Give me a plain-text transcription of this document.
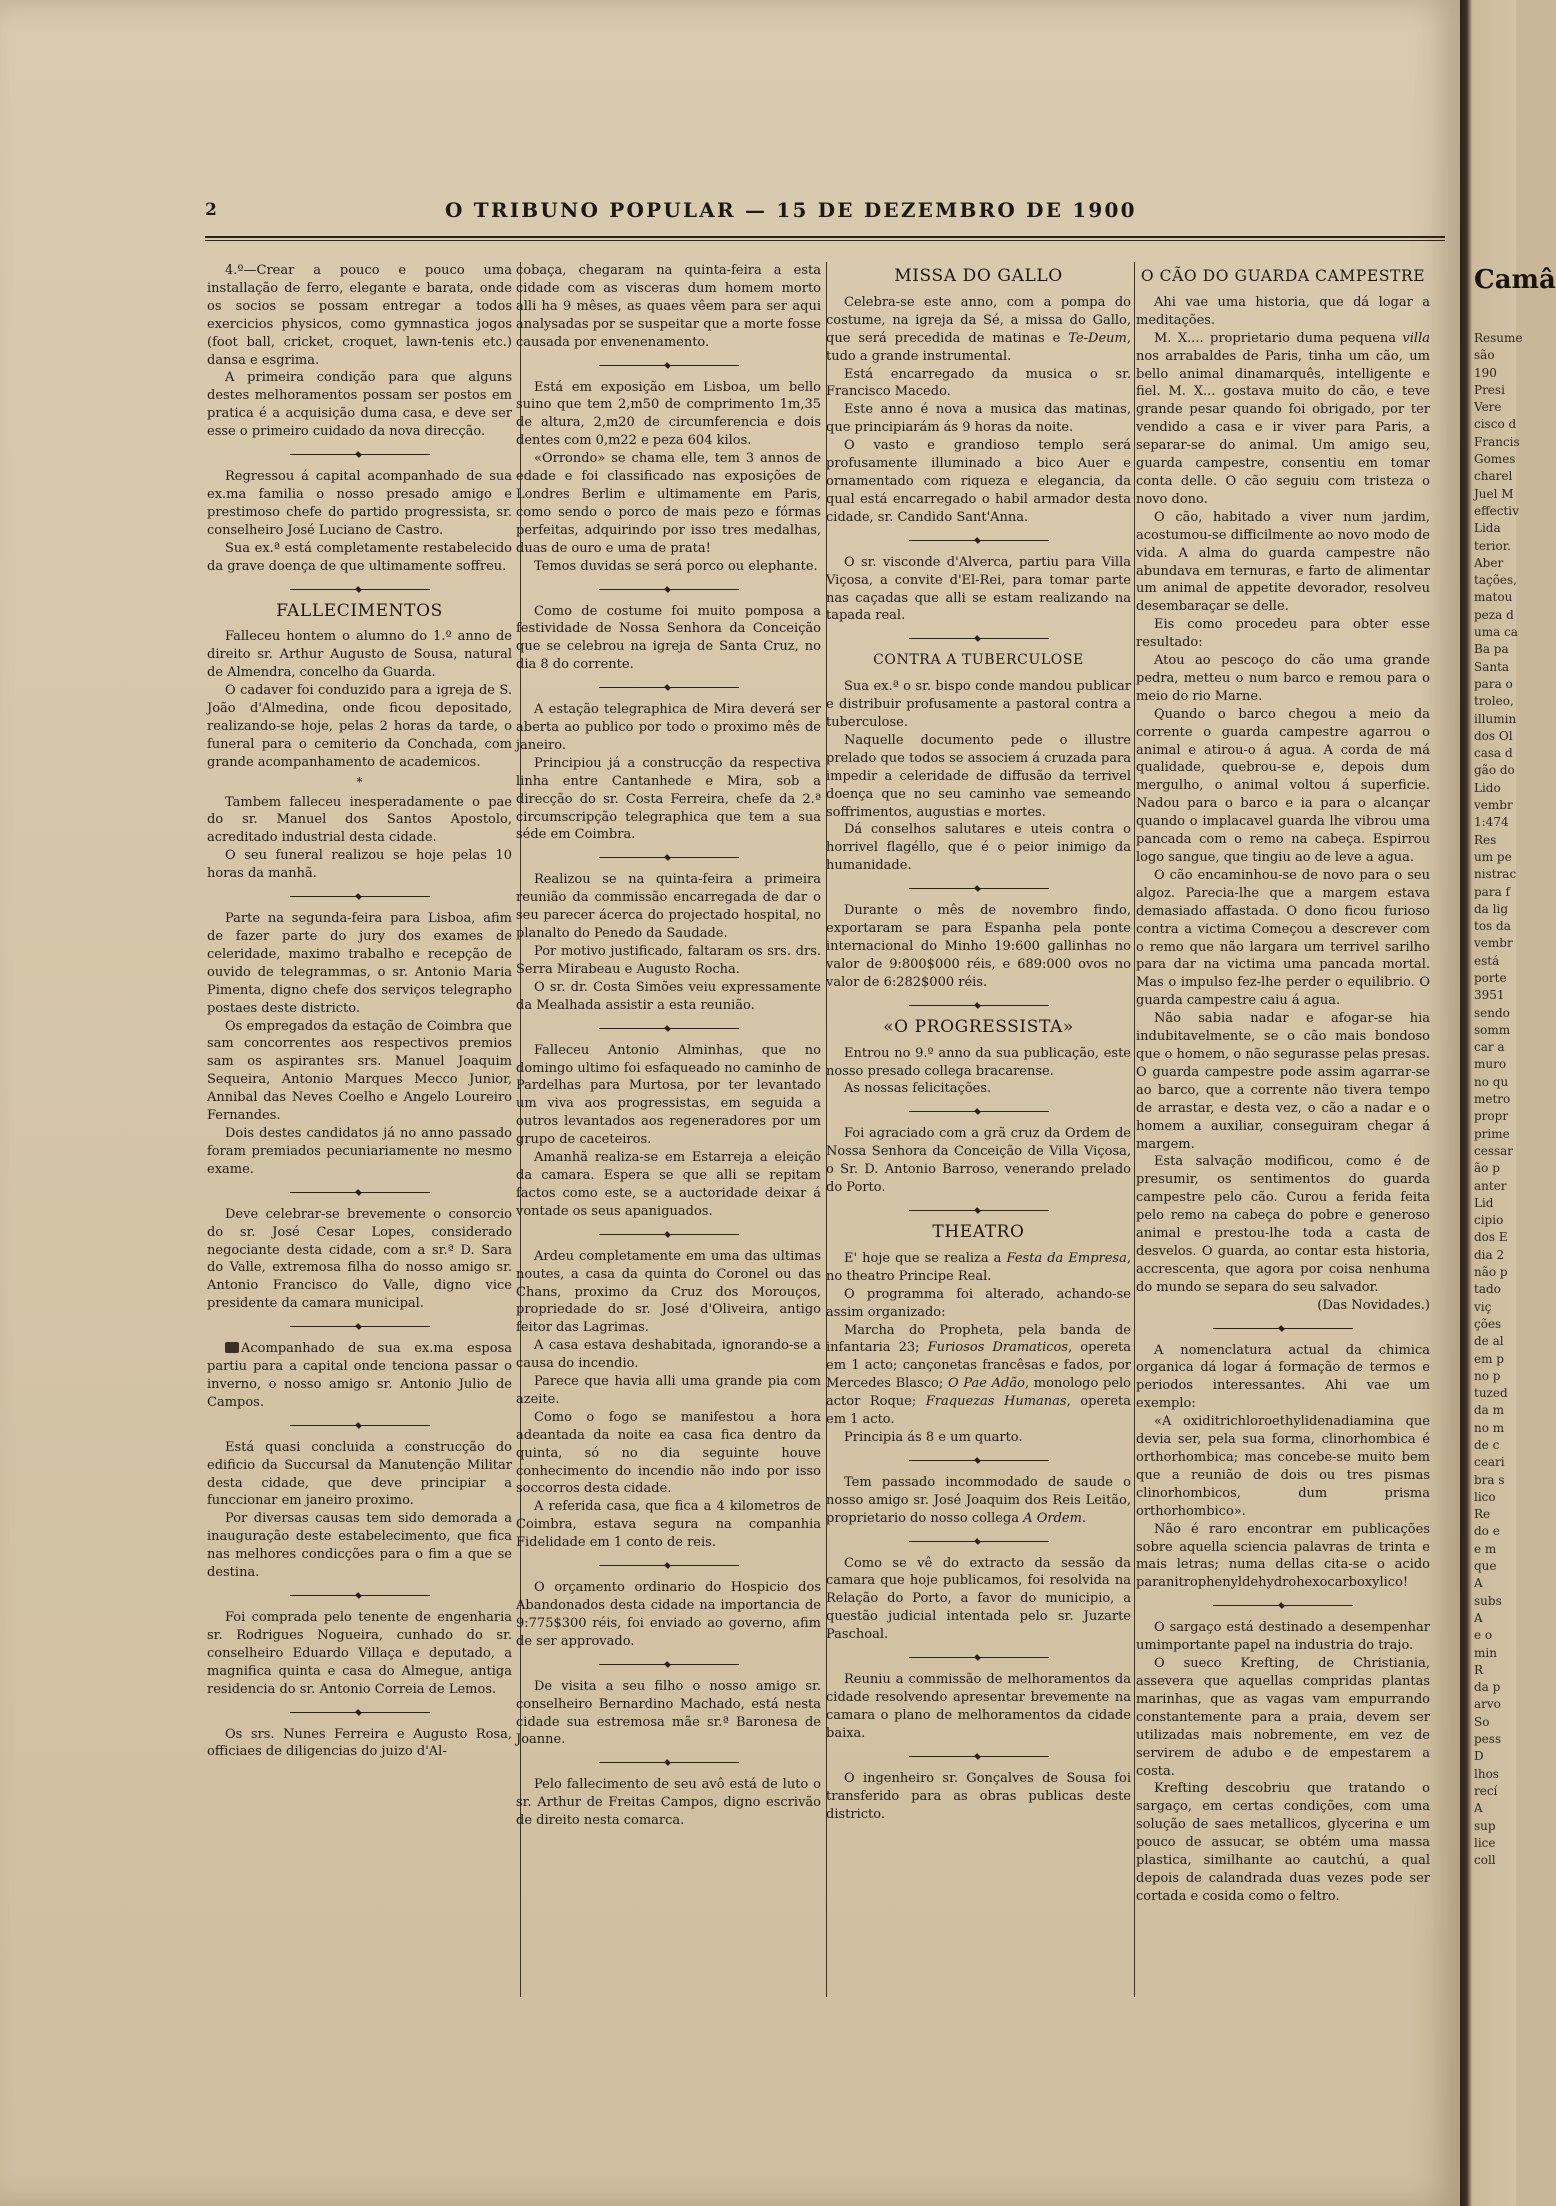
2	O TRIBUNO POPULAR — 15 DE DEZEMBRO DE 1900

4.º—Crear a pouco e pouco uma installação de ferro, elegante e barata, onde os socios se possam entregar a todos exercicios physicos, como gymnastica jogos (foot ball, cricket, croquet, lawn-tenis etc.) dansa e esgrima.

A primeira condição para que alguns destes melhoramentos possam ser postos em pratica é a acquisição duma casa, e deve ser esse o primeiro cuidado da nova direcção.

Regressou á capital acompanhado de sua ex.ma familia o nosso presado amigo e prestimoso chefe do partido progressista, sr. conselheiro José Luciano de Castro.

Sua ex.ª está completamente restabelecido da grave doença de que ultimamente soffreu.

FALLECIMENTOS

Falleceu hontem o alumno do 1.º anno de direito sr. Arthur Augusto de Sousa, natural de Almendra, concelho da Guarda.

O cadaver foi conduzido para a igreja de S. João d'Almedina, onde ficou depositado, realizando-se hoje, pelas 2 horas da tarde, o funeral para o cemiterio da Conchada, com grande acompanhamento de academicos.

*

Tambem falleceu inesperadamente o pae do sr. Manuel dos Santos Apostolo, acreditado industrial desta cidade.

O seu funeral realizou se hoje pelas 10 horas da manhã.

Parte na segunda-feira para Lisboa, afim de fazer parte do jury dos exames de celeridade, maximo trabalho e recepção de ouvido de telegrammas, o sr. Antonio Maria Pimenta, digno chefe dos serviços telegrapho postaes deste districto.

Os empregados da estação de Coimbra que sam concorrentes aos respectivos premios sam os aspirantes srs. Manuel Joaquim Sequeira, Antonio Marques Mecco Junior, Annibal das Neves Coelho e Angelo Loureiro Fernandes.

Dois destes candidatos já no anno passado foram premiados pecuniariamente no mesmo exame.

Deve celebrar-se brevemente o consorcio do sr. José Cesar Lopes, considerado negociante desta cidade, com a sr.ª D. Sara do Valle, extremosa filha do nosso amigo sr. Antonio Francisco do Valle, digno vice presidente da camara municipal.

Acompanhado de sua ex.ma esposa partiu para a capital onde tenciona passar o inverno, o nosso amigo sr. Antonio Julio de Campos.

Está quasi concluida a construcção do edificio da Succursal da Manutenção Militar desta cidade, que deve principiar a funccionar em janeiro proximo.

Por diversas causas tem sido demorada a inauguração deste estabelecimento, que fica nas melhores condicções para o fim a que se destina.

Foi comprada pelo tenente de engenharia sr. Rodrigues Nogueira, cunhado do sr. conselheiro Eduardo Villaça e deputado, a magnifica quinta e casa do Almegue, antiga residencia do sr. Antonio Correia de Lemos.

Os srs. Nunes Ferreira e Augusto Rosa, officiaes de diligencias do juizo d'Al-

cobaça, chegaram na quinta-feira a esta cidade com as visceras dum homem morto alli ha 9 mêses, as quaes vêem para ser aqui analysadas por se suspeitar que a morte fosse causada por envenenamento.

Está em exposição em Lisboa, um bello suino que tem 2,m50 de comprimento 1m,35 de altura, 2,m20 de circumferencia e dois dentes com 0,m22 e peza 604 kilos.

«Orrondo» se chama elle, tem 3 annos de edade e foi classificado nas exposições de Londres Berlim e ultimamente em Paris, como sendo o porco de mais pezo e fórmas perfeitas, adquirindo por isso tres medalhas, duas de ouro e uma de prata!

Temos duvidas se será porco ou elephante.

Como de costume foi muito pomposa a festividade de Nossa Senhora da Conceição que se celebrou na igreja de Santa Cruz, no dia 8 do corrente.

A estação telegraphica de Mira deverá ser aberta ao publico por todo o proximo mês de janeiro.

Principiou já a construcção da respectiva linha entre Cantanhede e Mira, sob a direcção do sr. Costa Ferreira, chefe da 2.ª circumscripção telegraphica que tem a sua séde em Coimbra.

Realizou se na quinta-feira a primeira reunião da commissão encarregada de dar o seu parecer ácerca do projectado hospital, no planalto do Penedo da Saudade.

Por motivo justificado, faltaram os srs. drs. Serra Mirabeau e Augusto Rocha.

O sr. dr. Costa Simões veiu expressamente da Mealhada assistir a esta reunião.

Falleceu Antonio Alminhas, que no domingo ultimo foi esfaqueado no caminho de Pardelhas para Murtosa, por ter levantado um viva aos progressistas, em seguida a outros levantados aos regeneradores por um grupo de caceteiros.

Amanhã realiza-se em Estarreja a eleição da camara. Espera se que alli se repitam factos como este, se a auctoridade deixar á vontade os seus apaniguados.

Ardeu completamente em uma das ultimas noutes, a casa da quinta do Coronel ou das Chans, proximo da Cruz dos Morouços, propriedade do sr. José d'Oliveira, antigo feitor das Lagrimas.

A casa estava deshabitada, ignorando-se a causa do incendio.

Parece que havia alli uma grande pia com azeite.

Como o fogo se manifestou a hora adeantada da noite ea casa fica dentro da quinta, só no dia seguinte houve conhecimento do incendio não indo por isso soccorros desta cidade.

A referida casa, que fica a 4 kilometros de Coimbra, estava segura na companhia Fidelidade em 1 conto de reis.

O orçamento ordinario do Hospicio dos Abandonados desta cidade na importancia de 9:775$300 réis, foi enviado ao governo, afim de ser approvado.

De visita a seu filho o nosso amigo sr. conselheiro Bernardino Machado, está nesta cidade sua estremosa mãe sr.ª Baronesa de Joanne.

Pelo fallecimento de seu avô está de luto o sr. Arthur de Freitas Campos, digno escrivão de direito nesta comarca.

MISSA DO GALLO

Celebra-se este anno, com a pompa do costume, na igreja da Sé, a missa do Gallo, que será precedida de matinas e Te-Deum, tudo a grande instrumental.

Está encarregado da musica o sr. Francisco Macedo.

Este anno é nova a musica das matinas, que principiarám ás 9 horas da noite.

O vasto e grandioso templo será profusamente illuminado a bico Auer e ornamentado com riqueza e elegancia, da qual está encarregado o habil armador desta cidade, sr. Candido Sant'Anna.

O sr. visconde d'Alverca, partiu para Villa Viçosa, a convite d'El-Rei, para tomar parte nas caçadas que alli se estam realizando na tapada real.

CONTRA A TUBERCULOSE

Sua ex.ª o sr. bispo conde mandou publicar e distribuir profusamente a pastoral contra a tuberculose.

Naquelle documento pede o illustre prelado que todos se associem á cruzada para impedir a celeridade de diffusão da terrivel doença que no seu caminho vae semeando soffrimentos, augustias e mortes.

Dá conselhos salutares e uteis contra o horrivel flagéllo, que é o peior inimigo da humanidade.

Durante o mês de novembro findo, exportaram se para Espanha pela ponte internacional do Minho 19:600 gallinhas no valor de 9:800$000 réis, e 689:000 ovos no valor de 6:282$000 réis.

«O PROGRESSISTA»

Entrou no 9.º anno da sua publicação, este nosso presado collega bracarense.

As nossas felicitações.

Foi agraciado com a grã cruz da Ordem de Nossa Senhora da Conceição de Villa Viçosa, o Sr. D. Antonio Barroso, venerando prelado do Porto.

THEATRO

E' hoje que se realiza a Festa da Empresa, no theatro Principe Real.

O programma foi alterado, achando-se assim organizado:

Marcha do Propheta, pela banda de infantaria 23; Furiosos Dramaticos, opereta em 1 acto; cançonetas francêsas e fados, por Mercedes Blasco; O Pae Adão, monologo pelo actor Roque; Fraquezas Humanas, opereta em 1 acto.

Principia ás 8 e um quarto.

Tem passado incommodado de saude o nosso amigo sr. José Joaquim dos Reis Leitão, proprietario do nosso collega A Ordem.

Como se vê do extracto da sessão da camara que hoje publicamos, foi resolvida na Relação do Porto, a favor do municipio, a questão judicial intentada pelo sr. Juzarte Paschoal.

Reuniu a commissão de melhoramentos da cidade resolvendo apresentar brevemente na camara o plano de melhoramentos da cidade baixa.

O ingenheiro sr. Gonçalves de Sousa foi transferido para as obras publicas deste districto.

O CÃO DO GUARDA CAMPESTRE

Ahi vae uma historia, que dá logar a meditações.

M. X.... proprietario duma pequena villa nos arrabaldes de Paris, tinha um cão, um bello animal dinamarquês, intelligente e fiel. M. X... gostava muito do cão, e teve grande pesar quando foi obrigado, por ter vendido a casa e ir viver para Paris, a separar-se do animal. Um amigo seu, guarda campestre, consentiu em tomar conta delle. O cão seguiu com tristeza o novo dono.

O cão, habitado a viver num jardim, acostumou-se difficilmente ao novo modo de vida. A alma do guarda campestre não abundava em ternuras, e farto de alimentar um animal de appetite devorador, resolveu desembaraçar se delle.

Eis como procedeu para obter esse resultado:

Atou ao pescoço do cão uma grande pedra, metteu o num barco e remou para o meio do rio Marne.

Quando o barco chegou a meio da corrente o guarda campestre agarrou o animal e atirou-o á agua. A corda de má qualidade, quebrou-se e, depois dum mergulho, o animal voltou á superficie. Nadou para o barco e ia para o alcançar quando o implacavel guarda lhe vibrou uma pancada com o remo na cabeça. Espirrou logo sangue, que tingiu ao de leve a agua.

O cão encaminhou-se de novo para o seu algoz. Parecia-lhe que a margem estava demasiado affastada. O dono ficou furioso contra a victima Começou a descrever com o remo que não largara um terrivel sarilho para dar na victima uma pancada mortal. Mas o impulso fez-lhe perder o equilibrio. O guarda campestre caiu á agua.

Não sabia nadar e afogar-se hia indubitavelmente, se o cão mais bondoso que o homem, o não segurasse pelas presas. O guarda campestre pode assim agarrar-se ao barco, que a corrente não tivera tempo de arrastar, e desta vez, o cão a nadar e o homem a auxiliar, conseguiram chegar á margem.

Esta salvação modificou, como é de presumir, os sentimentos do guarda campestre pelo cão. Curou a ferida feita pelo remo na cabeça do pobre e generoso animal e prestou-lhe toda a casta de desvelos. O guarda, ao contar esta historia, accrescenta, que agora por coisa nenhuma do mundo se separa do seu salvador.

(Das Novidades.)

A nomenclatura actual da chimica organica dá logar á formação de termos e periodos interessantes. Ahi vae um exemplo:

«A oxiditrichloroethylidenadiamina que devia ser, pela sua forma, clinorhombica é orthorhombica; mas concebe-se muito bem que a reunião de dois ou tres pismas clinorhombicos, dum prisma orthorhombico».

Não é raro encontrar em publicações sobre aquella sciencia palavras de trinta e mais letras; numa dellas cita-se o acido paranitrophenyldehydrohexocarboxylico!

O sargaço está destinado a desempenhar umimportante papel na industria do trajo.

O sueco Krefting, de Christiania, assevera que aquellas compridas plantas marinhas, que as vagas vam empurrando constantemente para a praia, devem ser utilizadas mais nobremente, em vez de servirem de adubo e de empestarem a costa.

Krefting descobriu que tratando o sargaço, em certas condições, com uma solução de saes metallicos, glycerina e um pouco de assucar, se obtém uma massa plastica, similhante ao cautchú, a qual depois de calandrada duas vezes pode ser cortada e cosida como o feltro.

Camâ
Resume
são
190
Presi
Vere
cisco d
Francis
Gomes
charel
Juel M
effectiv
Lida
terior.
Aber
tações,
matou
peza d
uma ca
Ba pa
Santa
para o
troleo,
illumin
dos Ol
casa d
gão do
Lido
vembr
1:474
Res
um pe
nistrac
para f
da lig
tos da
vembr
está
porte
3951
sendo
somm
car a
muro
no qu
metro
propr
prime
cessar
ão p
anter
Lid
cipio
dos E
dia 2
não p
tado
viç
ções
de al
em p
no p
tuzed
da m
no m
de c
ceari
bra s
lico
Re
do e
e m
que
A
subs
A
e o
min
R
da p
arvo
So
pess
D
lhos
recí
A
sup
lice
coll
